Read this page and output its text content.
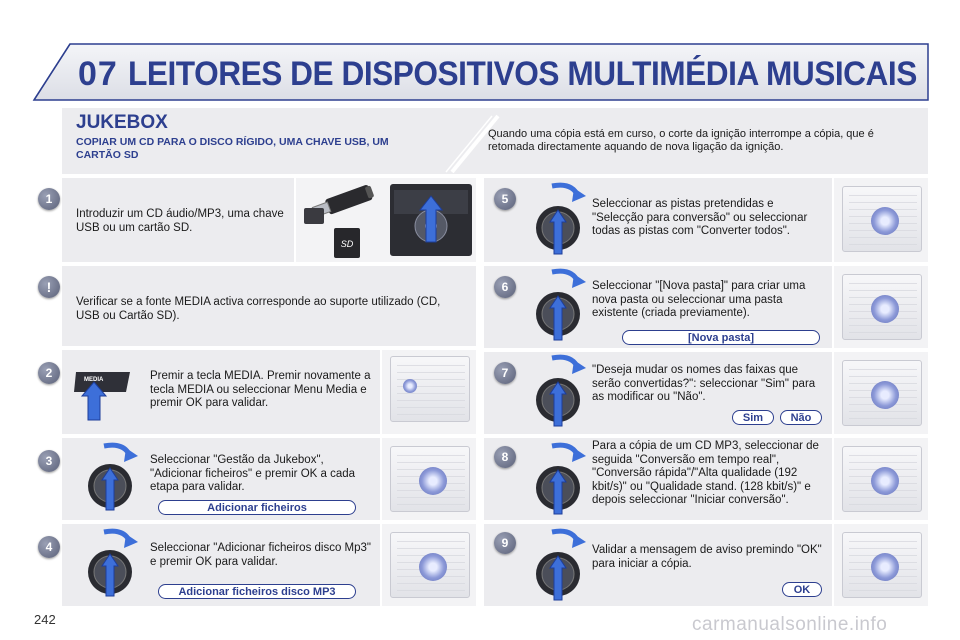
07 LEITORES DE DISPOSITIVOS MULTIMÉDIA MUSICAIS
JUKEBOX
COPIAR UM CD PARA O DISCO RÍGIDO, UMA CHAVE USB, UM CARTÃO SD
Quando uma cópia está em curso, o corte da ignição interrompe a cópia, que é retomada directamente aquando de nova ligação da ignição.
1
Introduzir um CD áudio/MP3, uma chave USB ou um cartão SD.
SD
!
Verificar se a fonte MEDIA activa corresponde ao suporte utilizado (CD, USB ou Cartão SD).
2	MEDIA	Premir a tecla MEDIA. Premir novamente a tecla MEDIA ou seleccionar Menu Media e premir OK para validar.
3	Seleccionar "Gestão da Jukebox", "Adicionar ficheiros" e premir OK a cada etapa para validar.
Adicionar ficheiros
4	Seleccionar "Adicionar ficheiros disco Mp3" e premir OK para validar.
Adicionar ficheiros disco MP3
5	Seleccionar as pistas pretendidas e "Selecção para conversão" ou seleccionar todas as pistas com "Converter todos".
6	Seleccionar "[Nova pasta]" para criar uma nova pasta ou seleccionar uma pasta existente (criada previamente).
[Nova pasta]
7	"Deseja mudar os nomes das faixas que serão convertidas?": seleccionar "Sim" para as modificar ou "Não".
Sim	Não
8
Para a cópia de um CD MP3, seleccionar de seguida "Conversão em tempo real", "Conversão rápida"/"Alta qualidade (192 kbit/s)" ou "Qualidade stand. (128 kbit/s)" e depois seleccionar "Iniciar conversão".
9	Validar a mensagem de aviso premindo "OK" para iniciar a cópia.
OK
242	carmanualsonline.info
